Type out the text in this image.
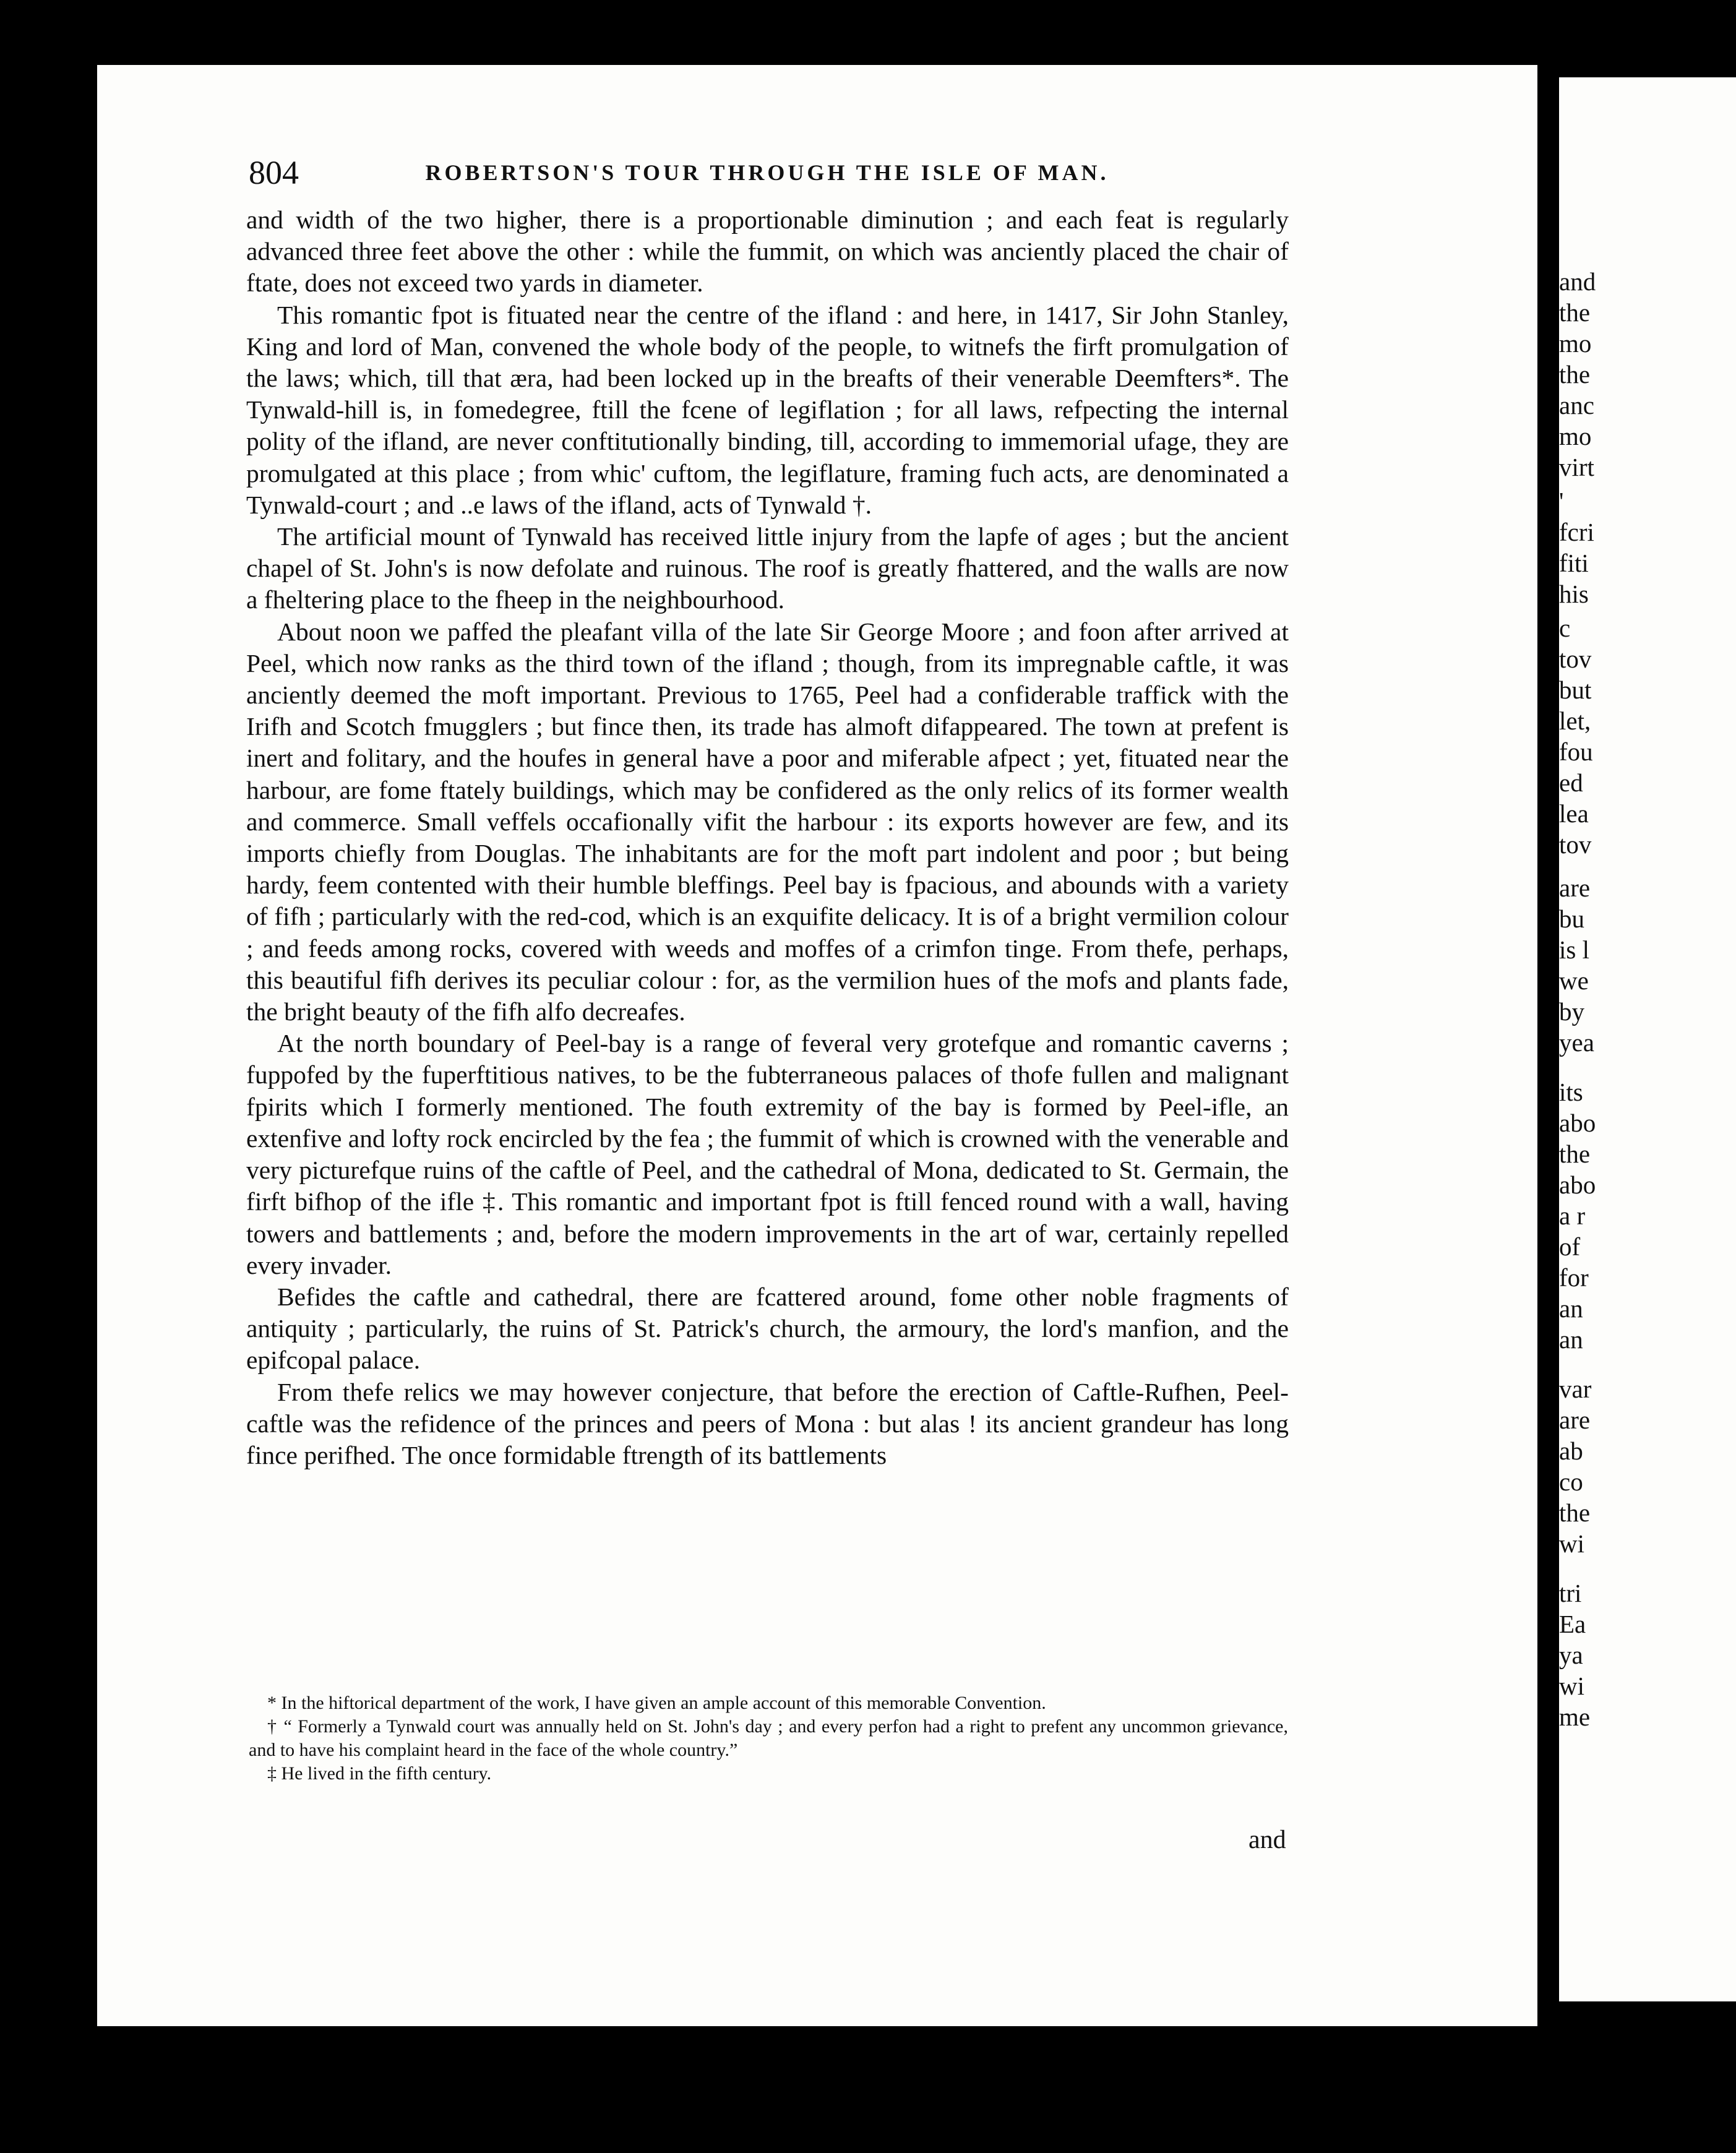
804	ROBERTSON'S TOUR THROUGH THE ISLE OF MAN.

and width of the two higher, there is a proportionable diminution ; and each feat is regularly advanced three feet above the other : while the fummit, on which was anciently placed the chair of ftate, does not exceed two yards in diameter.

This romantic fpot is fituated near the centre of the ifland : and here, in 1417, Sir John Stanley, King and lord of Man, convened the whole body of the people, to witnefs the firft promulgation of the laws; which, till that æra, had been locked up in the breafts of their venerable Deemfters*. The Tynwald-hill is, in fomedegree, ftill the fcene of legiflation ; for all laws, refpecting the internal polity of the ifland, are never conftitutionally binding, till, according to immemorial ufage, they are promulgated at this place ; from whic' cuftom, the legiflature, framing fuch acts, are denominated a Tynwald-court ; and ..e laws of the ifland, acts of Tynwald †.

The artificial mount of Tynwald has received little injury from the lapfe of ages ; but the ancient chapel of St. John's is now defolate and ruinous. The roof is greatly fhattered, and the walls are now a fheltering place to the fheep in the neighbourhood.

About noon we paffed the pleafant villa of the late Sir George Moore ; and foon after arrived at Peel, which now ranks as the third town of the ifland ; though, from its impregnable caftle, it was anciently deemed the moft important. Previous to 1765, Peel had a confiderable traffick with the Irifh and Scotch fmugglers ; but fince then, its trade has almoft difappeared. The town at prefent is inert and folitary, and the houfes in general have a poor and miferable afpect ; yet, fituated near the harbour, are fome ftately buildings, which may be confidered as the only relics of its former wealth and commerce. Small veffels occafionally vifit the harbour : its exports however are few, and its imports chiefly from Douglas. The inhabitants are for the moft part indolent and poor ; but being hardy, feem contented with their humble bleffings. Peel bay is fpacious, and abounds with a variety of fifh ; particularly with the red-cod, which is an exquifite delicacy. It is of a bright vermilion colour ; and feeds among rocks, covered with weeds and moffes of a crimfon tinge. From thefe, perhaps, this beautiful fifh derives its peculiar colour : for, as the vermilion hues of the mofs and plants fade, the bright beauty of the fifh alfo decreafes.

At the north boundary of Peel-bay is a range of feveral very grotefque and romantic caverns ; fuppofed by the fuperftitious natives, to be the fubterraneous palaces of thofe fullen and malignant fpirits which I formerly mentioned. The fouth extremity of the bay is formed by Peel-ifle, an extenfive and lofty rock encircled by the fea ; the fummit of which is crowned with the venerable and very picturefque ruins of the caftle of Peel, and the cathedral of Mona, dedicated to St. Germain, the firft bifhop of the ifle ‡. This romantic and important fpot is ftill fenced round with a wall, having towers and battlements ; and, before the modern improvements in the art of war, certainly repelled every invader.

Befides the caftle and cathedral, there are fcattered around, fome other noble fragments of antiquity ; particularly, the ruins of St. Patrick's church, the armoury, the lord's manfion, and the epifcopal palace.

From thefe relics we may however conjecture, that before the erection of Caftle-Rufhen, Peel-caftle was the refidence of the princes and peers of Mona : but alas ! its ancient grandeur has long fince perifhed. The once formidable ftrength of its battlements

* In the hiftorical department of the work, I have given an ample account of this memorable Convention.

† “ Formerly a Tynwald court was annually held on St. John's day ; and every perfon had a right to prefent any uncommon grievance, and to have his complaint heard in the face of the whole country.”

‡ He lived in the fifth century.

and
and
the
mo
the
anc
mo
virt
'
fcri
fiti
his
c
tov
but
let,
fou
ed
lea
tov
are
bu
is l
we
by
yea
its
abo
the
abo
a r
of
for
an
an
var
are
ab
co
the
wi
tri
Ea
ya
wi
me
